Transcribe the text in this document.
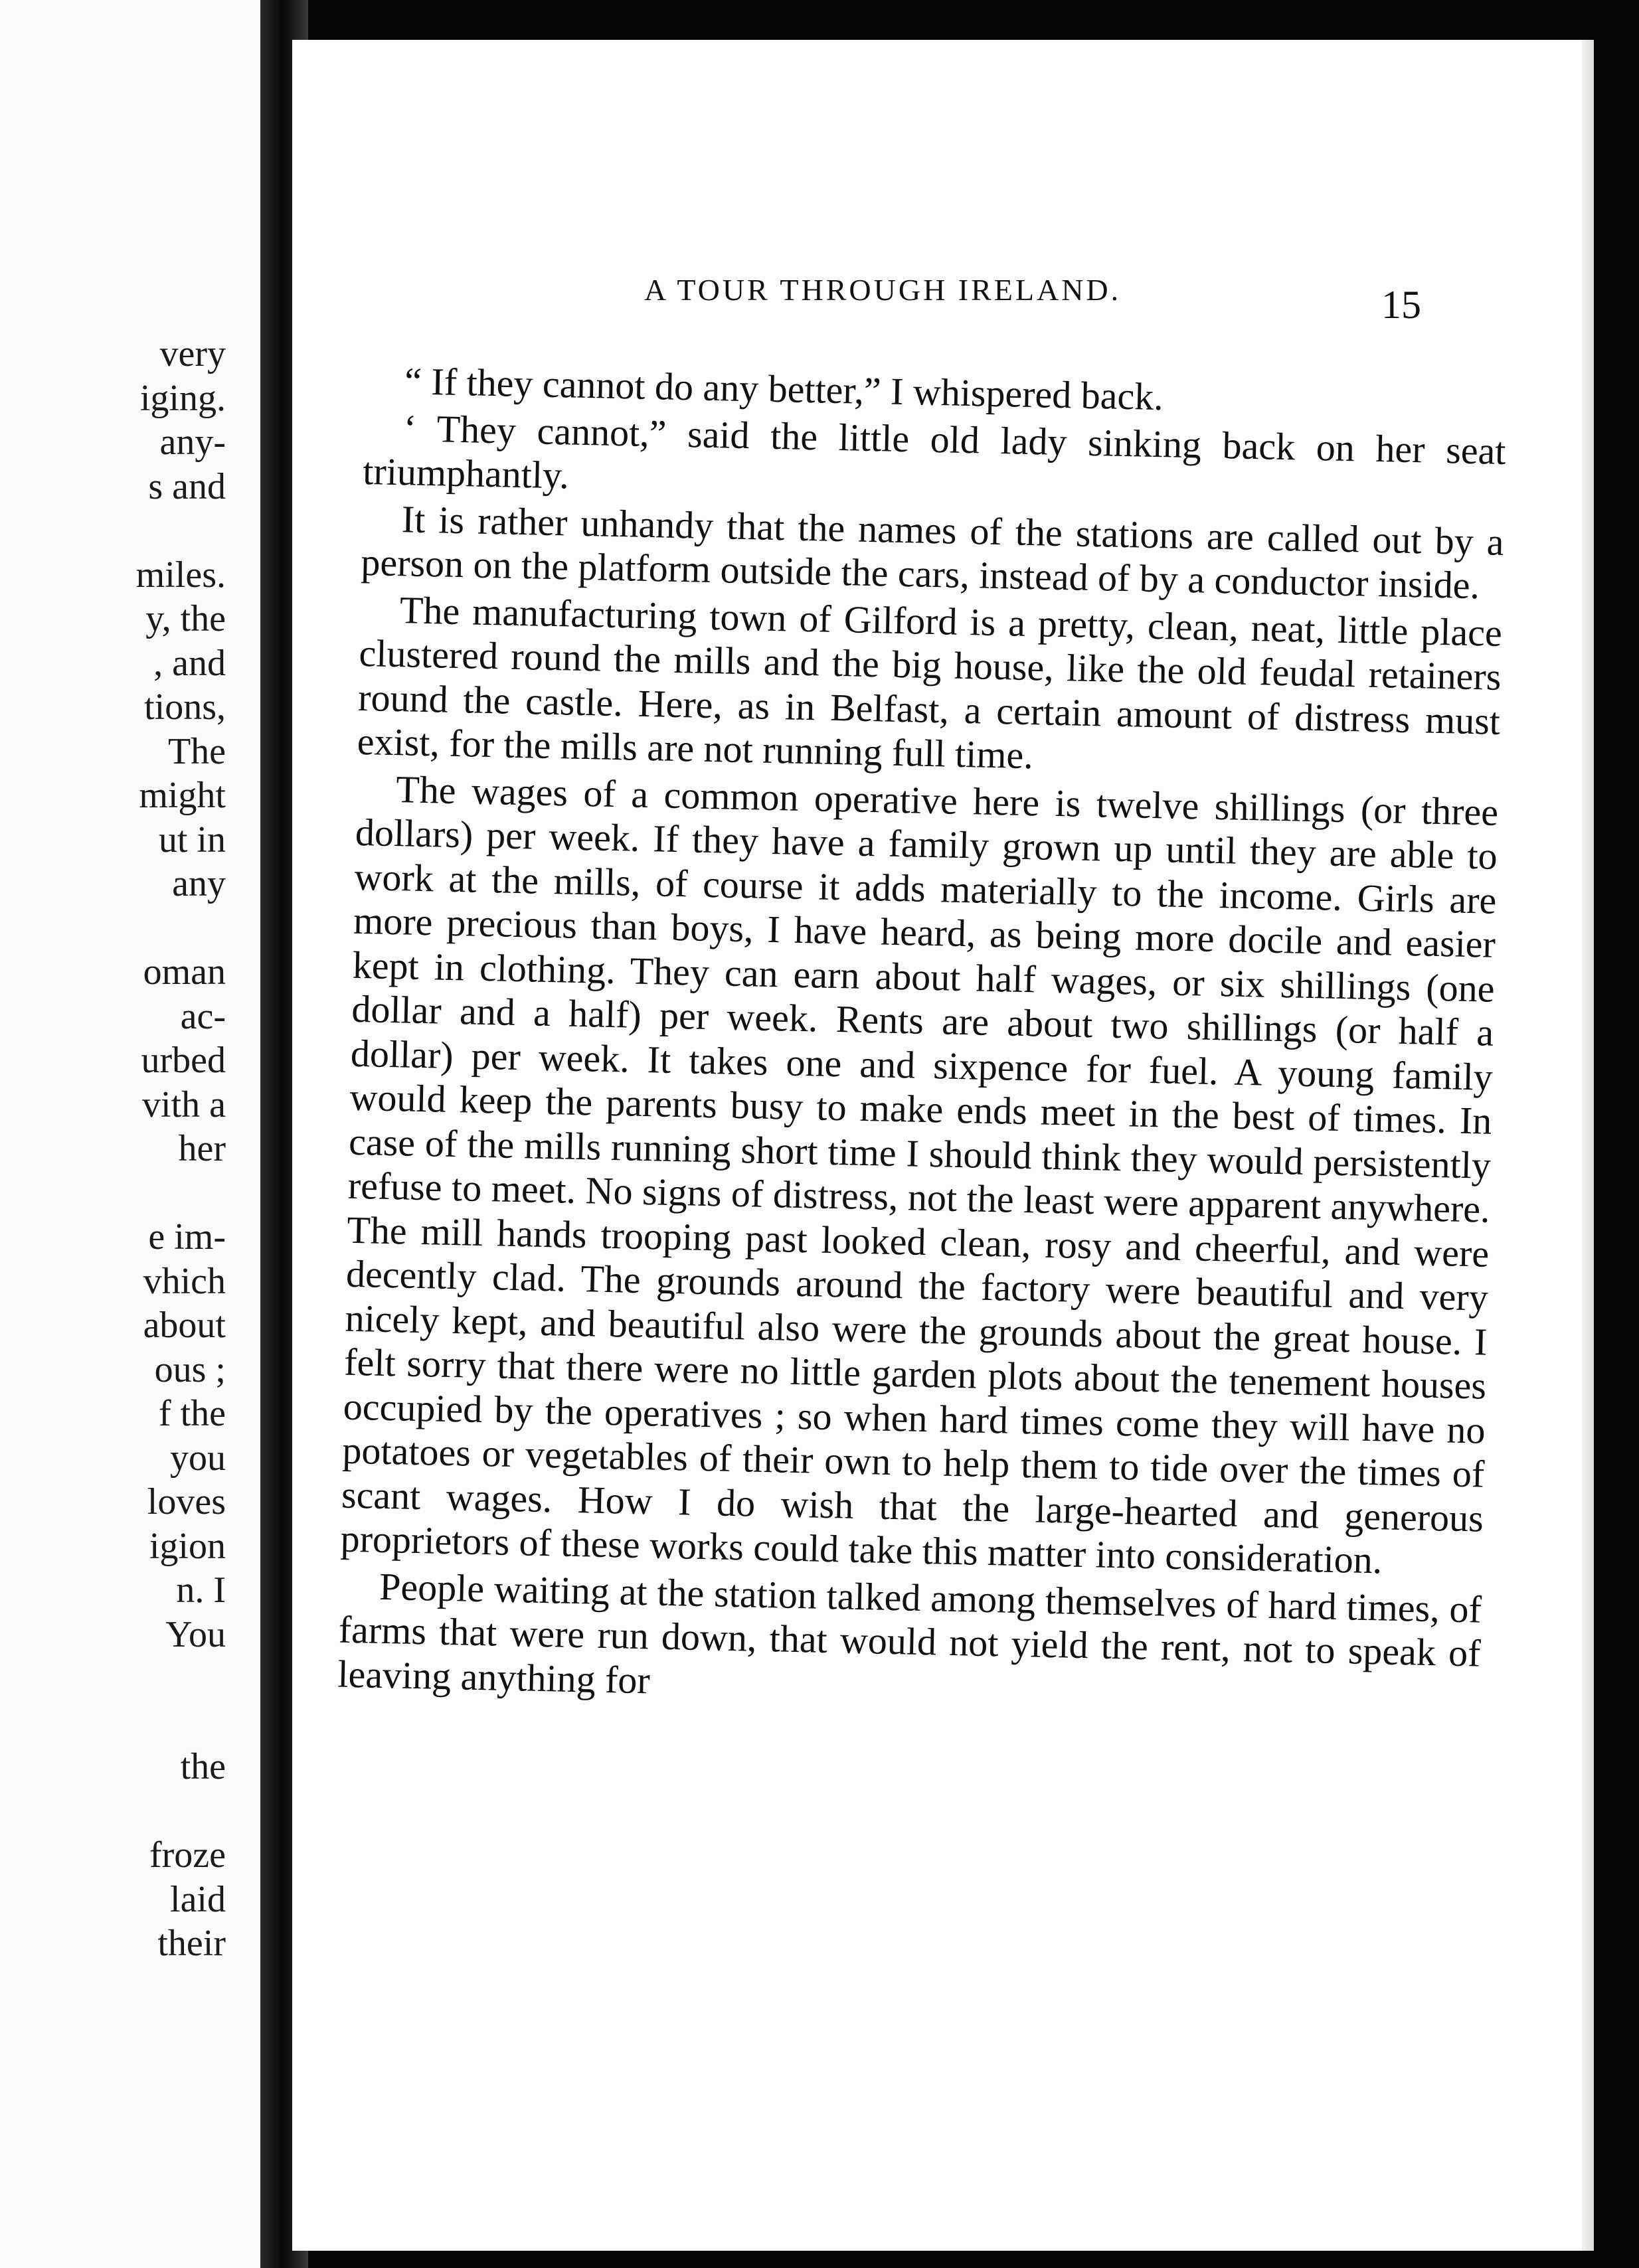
very
iging.
any-
s and

miles.
y, the
, and
tions,
The
might
ut in
any

oman
ac-
urbed
vith a
her

e im-
vhich
about
ous ;
f the
you
loves
igion
n. I
You

the

froze
laid
their
A TOUR THROUGH IRELAND.	15

“ If they cannot do any better,” I whispered back.

‘ They cannot,” said the little old lady sinking back on her seat triumphantly.

It is rather unhandy that the names of the stations are called out by a person on the platform outside the cars, instead of by a conductor inside.

The manufacturing town of Gilford is a pretty, clean, neat, little place clustered round the mills and the big house, like the old feudal retainers round the castle. Here, as in Belfast, a certain amount of distress must exist, for the mills are not running full time.

The wages of a common operative here is twelve shillings (or three dollars) per week. If they have a family grown up until they are able to work at the mills, of course it adds materially to the income. Girls are more precious than boys, I have heard, as being more docile and easier kept in clothing. They can earn about half wages, or six shillings (one dollar and a half) per week. Rents are about two shillings (or half a dollar) per week. It takes one and sixpence for fuel. A young family would keep the parents busy to make ends meet in the best of times. In case of the mills running short time I should think they would persistently refuse to meet. No signs of distress, not the least were apparent anywhere. The mill hands trooping past looked clean, rosy and cheerful, and were decently clad. The grounds around the factory were beautiful and very nicely kept, and beautiful also were the grounds about the great house. I felt sorry that there were no little garden plots about the tenement houses occupied by the operatives ; so when hard times come they will have no potatoes or vegetables of their own to help them to tide over the times of scant wages. How I do wish that the large-hearted and generous proprietors of these works could take this matter into consideration.

People waiting at the station talked among themselves of hard times, of farms that were run down, that would not yield the rent, not to speak of leaving anything for
